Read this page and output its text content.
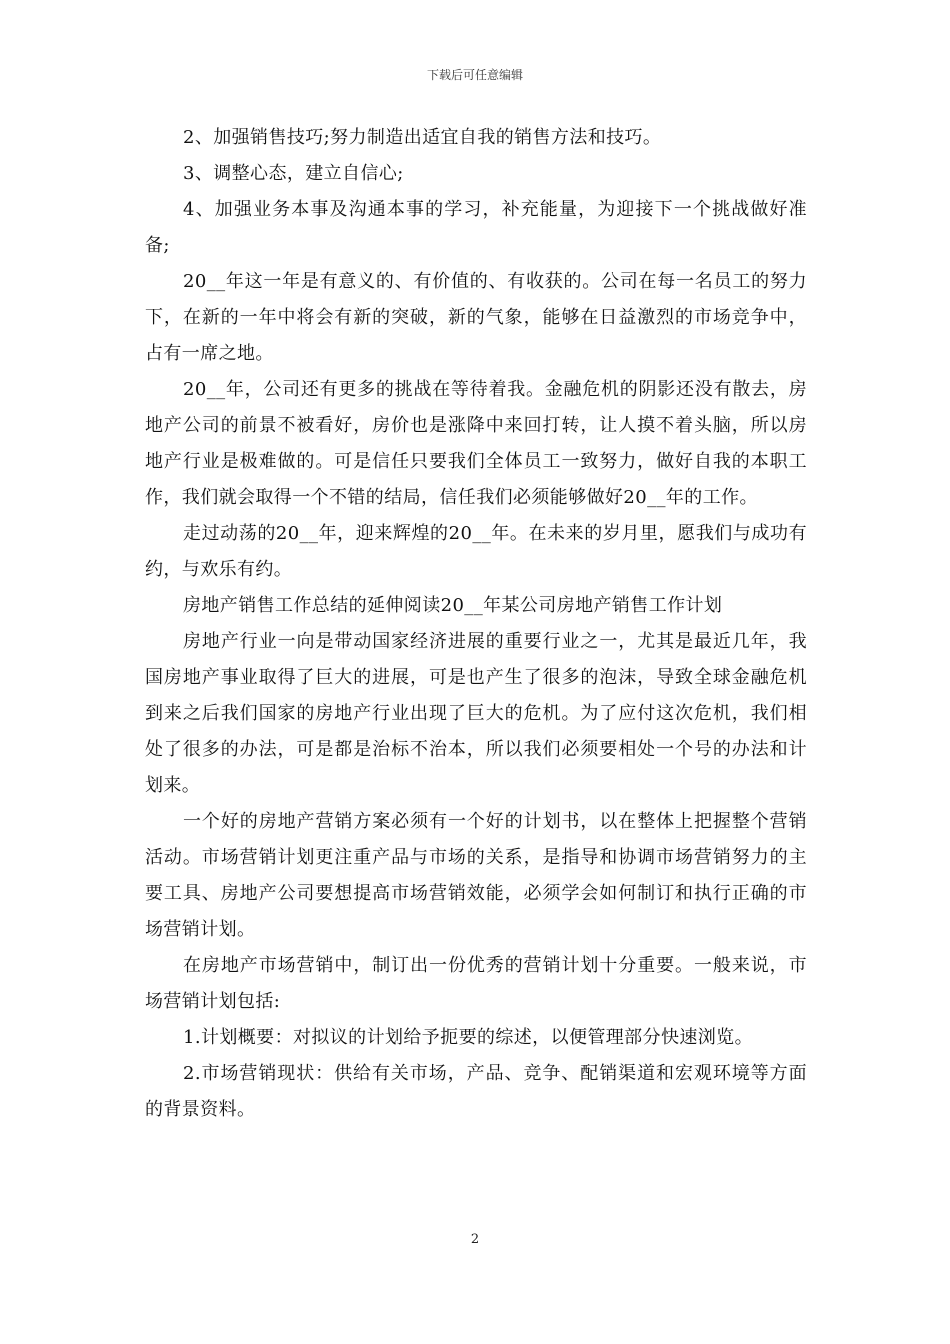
下载后可任意编辑

2、加强销售技巧;努力制造出适宜自我的销售方法和技巧。

3、调整心态，建立自信心;

4、加强业务本事及沟通本事的学习，补充能量，为迎接下一个挑战做好准备;

20__年这一年是有意义的、有价值的、有收获的。公司在每一名员工的努力下，在新的一年中将会有新的突破，新的气象，能够在日益激烈的市场竞争中，占有一席之地。

20__年，公司还有更多的挑战在等待着我。金融危机的阴影还没有散去，房地产公司的前景不被看好，房价也是涨降中来回打转，让人摸不着头脑，所以房地产行业是极难做的。可是信任只要我们全体员工一致努力，做好自我的本职工作，我们就会取得一个不错的结局，信任我们必须能够做好20__年的工作。

走过动荡的20__年，迎来辉煌的20__年。在未来的岁月里，愿我们与成功有约，与欢乐有约。

房地产销售工作总结的延伸阅读20__年某公司房地产销售工作计划

房地产行业一向是带动国家经济进展的重要行业之一，尤其是最近几年，我国房地产事业取得了巨大的进展，可是也产生了很多的泡沫，导致全球金融危机到来之后我们国家的房地产行业出现了巨大的危机。为了应付这次危机，我们相处了很多的办法，可是都是治标不治本，所以我们必须要相处一个号的办法和计划来。

一个好的房地产营销方案必须有一个好的计划书，以在整体上把握整个营销活动。市场营销计划更注重产品与市场的关系，是指导和协调市场营销努力的主要工具、房地产公司要想提高市场营销效能，必须学会如何制订和执行正确的市场营销计划。

在房地产市场营销中，制订出一份优秀的营销计划十分重要。一般来说，市场营销计划包括:

1.计划概要：对拟议的计划给予扼要的综述，以便管理部分快速浏览。

2.市场营销现状：供给有关市场，产品、竞争、配销渠道和宏观环境等方面的背景资料。

2
